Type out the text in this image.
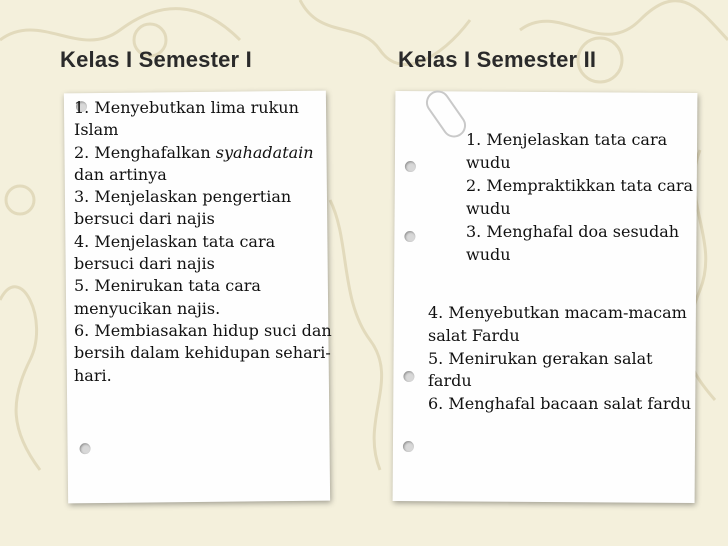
Kelas I Semester I	Kelas I Semester II
1. Menyebutkan lima rukun Islam
2. Menghafalkan syahadatain dan artinya
3. Menjelaskan pengertian bersuci dari najis
4. Menjelaskan tata cara bersuci dari najis
5. Menirukan tata cara menyucikan najis.
6. Membiasakan hidup suci dan bersih dalam kehidupan sehari-hari.
1. Menjelaskan tata cara wudu
2. Mempraktikkan tata cara wudu
3. Menghafal doa sesudah wudu
4. Menyebutkan macam-macam salat Fardu
5. Menirukan gerakan salat fardu
6. Menghafal bacaan salat fardu
